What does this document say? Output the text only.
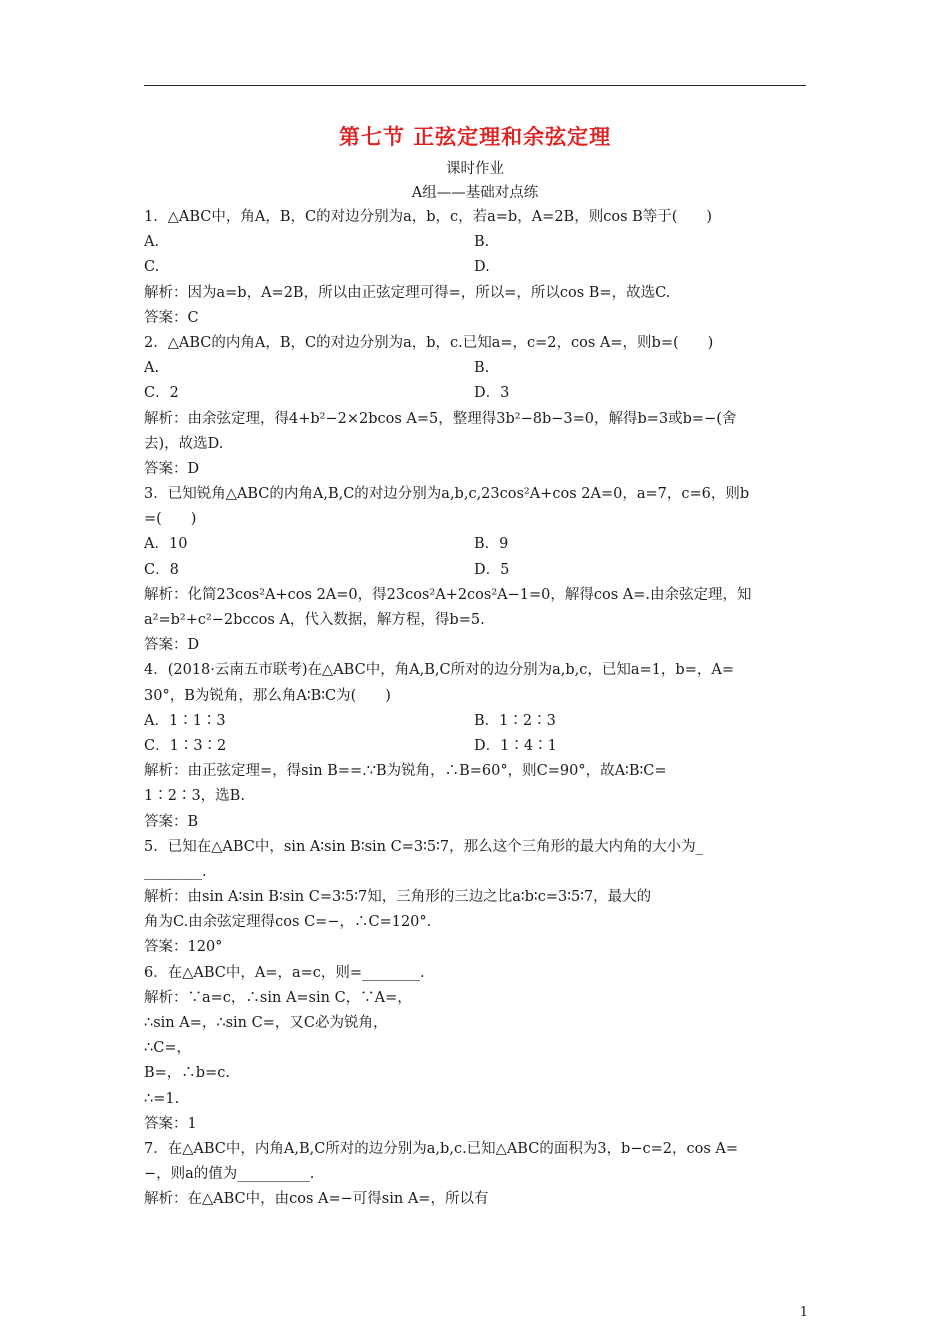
第七节 正弦定理和余弦定理
课时作业
A组——基础对点练
1．△ABC中，角A，B，C的对边分别为a，b，c，若a=b，A=2B，则cos B等于(　　)
A.	B.
C.	D.
解析：因为a=b，A=2B，所以由正弦定理可得=，所以=，所以cos B=，故选C.
答案：C
2．△ABC的内角A，B，C的对边分别为a，b，c.已知a=，c=2，cos A=，则b=(　　)
A.	B.
C．2	D．3
解析：由余弦定理，得4+b²−2×2bcos A=5，整理得3b²−8b−3=0，解得b=3或b=−(舍
去)，故选D.
答案：D
3．已知锐角△ABC的内角A,B,C的对边分别为a,b,c,23cos²A+cos 2A=0，a=7，c=6，则b
=(　　)
A．10	B．9
C．8	D．5
解析：化简23cos²A+cos 2A=0，得23cos²A+2cos²A−1=0，解得cos A=.由余弦定理，知
a²=b²+c²−2bccos A，代入数据，解方程，得b=5.
答案：D
4．(2018·云南五市联考)在△ABC中，角A,B,C所对的边分别为a,b,c，已知a=1，b=，A=
30°，B为锐角，那么角A∶B∶C为(　　)
A．1∶1∶3	B．1∶2∶3
C．1∶3∶2	D．1∶4∶1
解析：由正弦定理=，得sin B==.∵B为锐角，∴B=60°，则C=90°，故A∶B∶C=
1∶2∶3，选B.
答案：B
5．已知在△ABC中，sin A∶sin B∶sin C=3∶5∶7，那么这个三角形的最大内角的大小为_
________.
解析：由sin A∶sin B∶sin C=3∶5∶7知，三角形的三边之比a∶b∶c=3∶5∶7，最大的
角为C.由余弦定理得cos C=−，∴C=120°.
答案：120°
6．在△ABC中，A=，a=c，则=________.
解析：∵a=c，∴sin A=sin C，∵A=，
∴sin A=，∴sin C=，又C必为锐角，
∴C=，
B=，∴b=c.
∴=1.
答案：1
7．在△ABC中，内角A,B,C所对的边分别为a,b,c.已知△ABC的面积为3，b−c=2，cos A=
−，则a的值为__________.
解析：在△ABC中，由cos A=−可得sin A=，所以有
1
